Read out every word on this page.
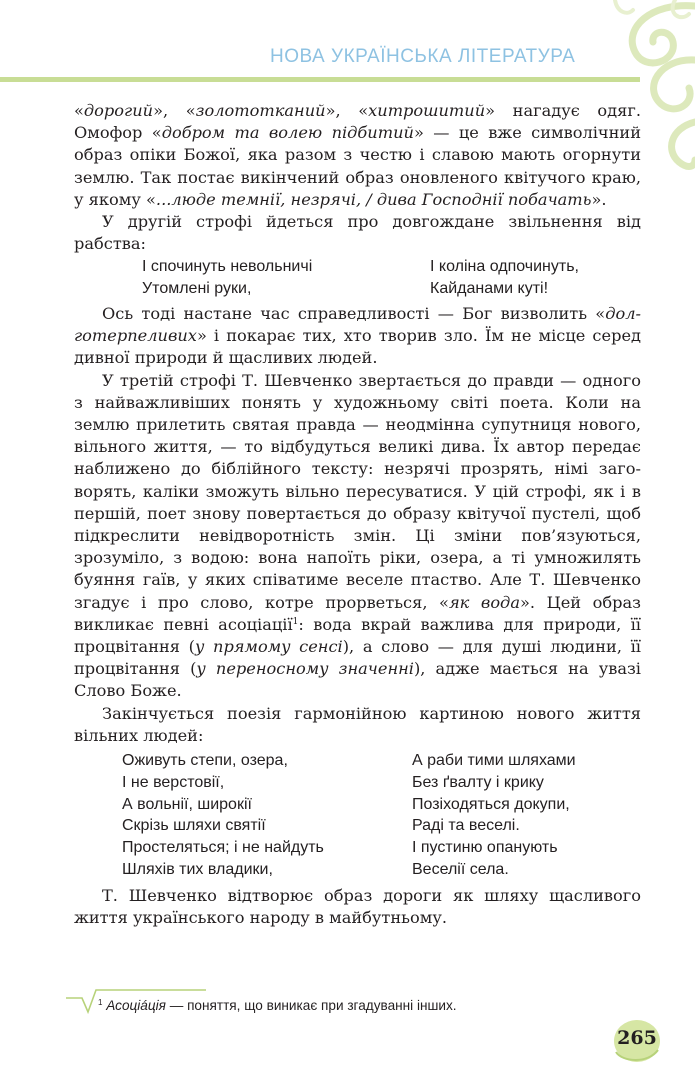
НОВА УКРАЇНСЬКА ЛІТЕРАТУРА

«дорогий», «золототканий», «хитрошитий» нагадує одяг. Омофор «добром та волею підбитий» — це вже символічний образ опіки Божої, яка разом з честю і славою мають огорнути землю. Так постає викінчений образ оновленого квітучого краю, у якому «...люде темнії, незрячі, / дива Господнії побачать».

У другій строфі йдеться про довгождане звільнення від рабства:

І спочинуть невольничі
Утомлені руки,
І коліна одпочинуть,
Кайданами куті!

Ось тоді настане час справедливості — Бог визволить «долготерпеливих» і покарає тих, хто творив зло. Їм не місце серед дивної природи й щасливих людей.

У третій строфі Т. Шевченко звертається до правди — одного з найважливіших понять у художньому світі поета. Коли на землю прилетить святая правда — неодмінна супутниця нового, вільного життя, — то відбудуться великі дива. Їх автор передає наближено до біблійного тексту: незрячі прозрять, німі заговорять, каліки зможуть вільно пересуватися. У цій строфі, як і в першій, поет знову повертається до образу квітучої пустелі, щоб підкреслити невідворотність змін. Ці зміни пов’язуються, зрозуміло, з водою: вона напоїть ріки, озера, а ті умножилять буяння гаїв, у яких співатиме веселе птаство. Але Т. Шевченко згадує і про слово, котре прорветься, «як вода». Цей образ викликає певні асоціації$^1$: вода вкрай важлива для природи, її процвітання (у прямому сенсі), а слово — для душі людини, її процвітання (у переносному значенні), адже мається на увазі Слово Боже.

Закінчується поезія гармонійною картиною нового життя вільних людей:

Оживуть степи, озера,
І не верстовії,
А вольнії, широкії
Скрізь шляхи святії
Простеляться; і не найдуть
Шляхів тих владики,
А раби тими шляхами
Без ґвалту і крику
Позіходяться докупи,
Раді та веселі.
І пустиню опанують
Веселії села.

Т. Шевченко відтворює образ дороги як шляху щасливого життя українського народу в майбутньому.

$^1$ Асоціáція — поняття, що виникає при згадуванні інших.
265
